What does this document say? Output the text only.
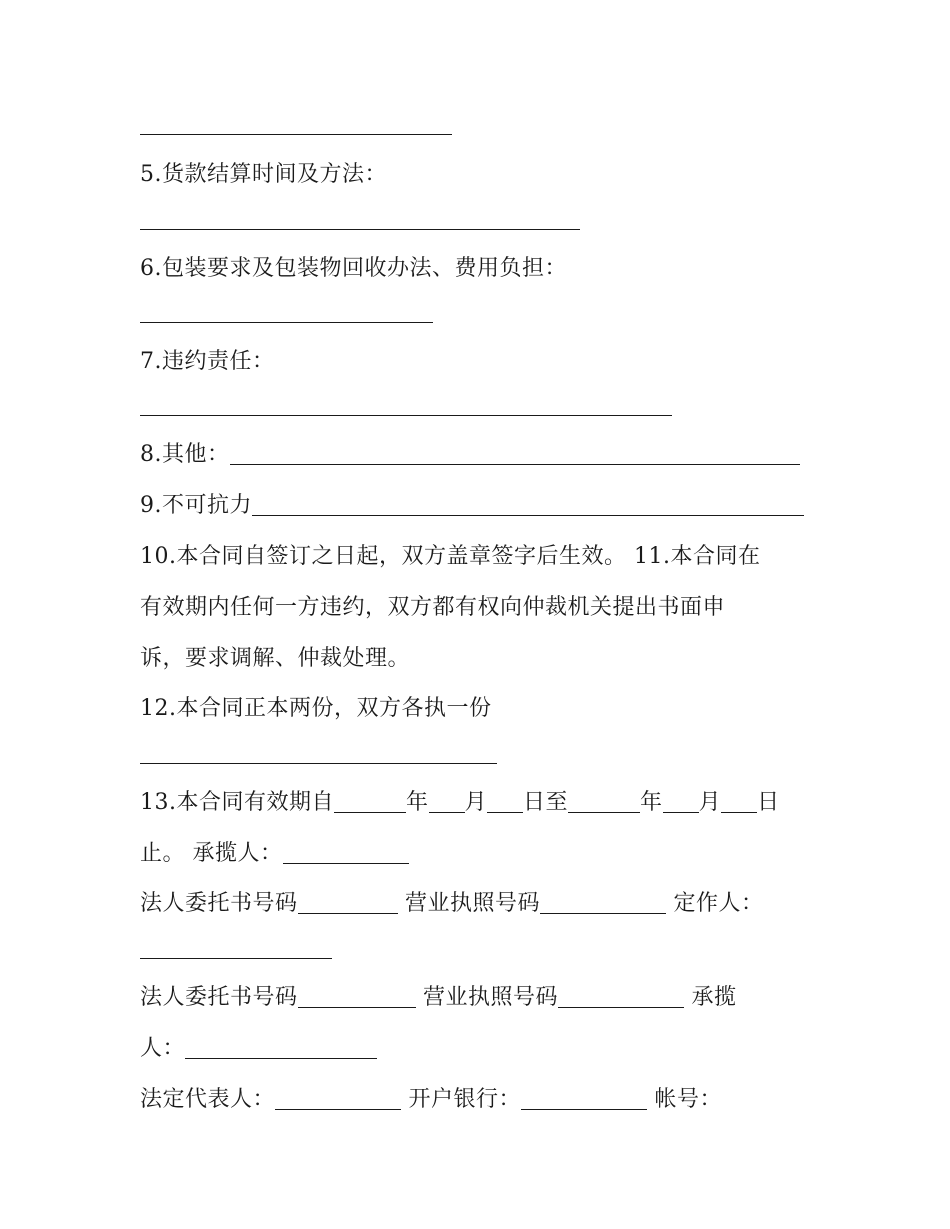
5.货款结算时间及方法：
6.包装要求及包装物回收办法、费用负担：
7.违约责任：
8.其他：
9.不可抗力
10.本合同自签订之日起，双方盖章签字后生效。 11.本合同在
有效期内任何一方违约，双方都有权向仲裁机关提出书面申
诉，要求调解、仲裁处理。
12.本合同正本两份，双方各执一份
13.本合同有效期自	年 月 日至	年 月 日
止。 承揽人：
法人委托书号码	营业执照号码	定作人：
法人委托书号码	营业执照号码	承揽
人：
法定代表人：	开户银行：	帐号：
